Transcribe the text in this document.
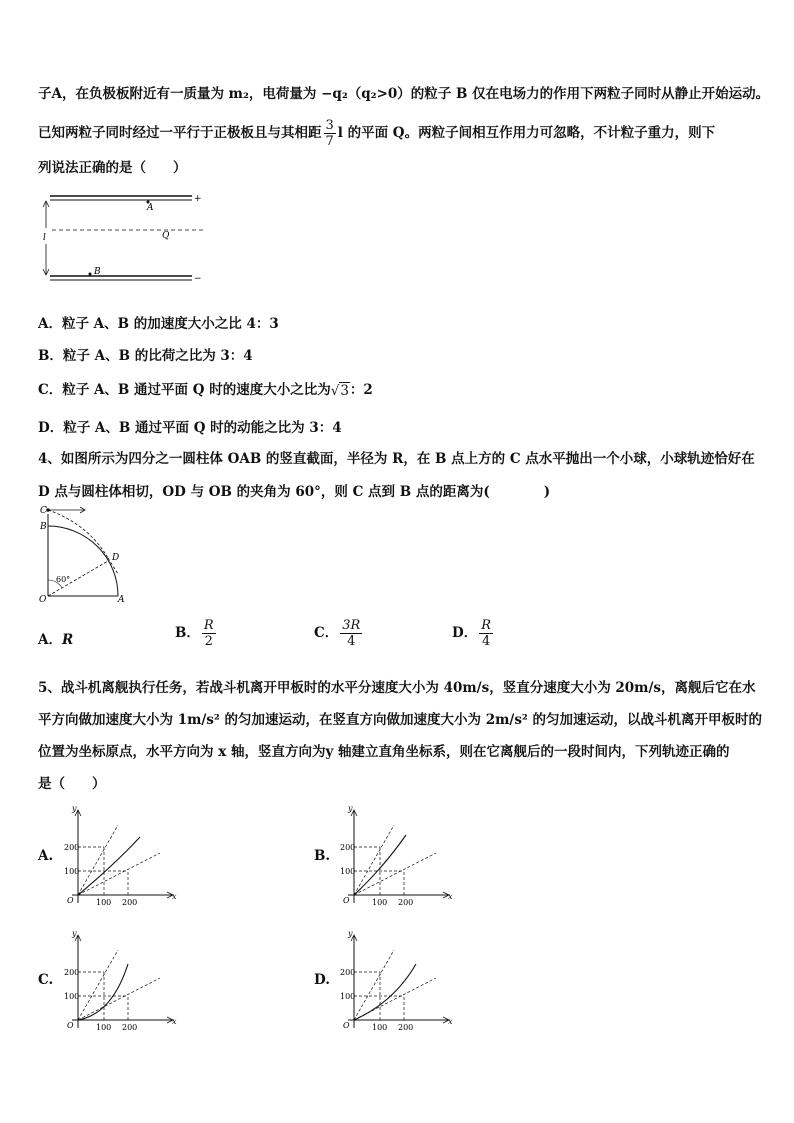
子A，在负极板附近有一质量为 m₂，电荷量为 −q₂（q₂>0）的粒子 B 仅在电场力的作用下两粒子同时从静止开始运动。
已知两粒子同时经过一平行于正极板且与其相距 $\frac{3}{7}$ l 的平面 Q。两粒子间相互作用力可忽略，不计粒子重力，则下
列说法正确的是（　　）
A
Q
B
l
+
−
A．粒子 A、B 的加速度大小之比 4：3
B．粒子 A、B 的比荷之比为 3：4
C．粒子 A、B 通过平面 Q 时的速度大小之比为√3：2
D．粒子 A、B 通过平面 Q 时的动能之比为 3：4
4、如图所示为四分之一圆柱体 OAB 的竖直截面，半径为 R，在 B 点上方的 C 点水平抛出一个小球，小球轨迹恰好在
D 点与圆柱体相切，OD 与 OB 的夹角为 60°，则 C 点到 B 点的距离为(　　　　)
C
B
D
O	A
60°
A．R	B． $\frac{R}{2}$	C． $\frac{3R}{4}$	D． $\frac{R}{4}$
5、战斗机离舰执行任务，若战斗机离开甲板时的水平分速度大小为 40m/s，竖直分速度大小为 20m/s，离舰后它在水
平方向做加速度大小为 1m/s² 的匀加速运动，在竖直方向做加速度大小为 2m/s² 的匀加速运动，以战斗机离开甲板时的
位置为坐标原点，水平方向为 x 轴，竖直方向为y 轴建立直角坐标系，则在它离舰后的一段时间内，下列轨迹正确的
是（　　）
A.	B.
C.	D.
y
x
O
200
100
100 200
y
x
O
200
100
100 200
y
x
O
200
100
100 200
y
x
O
200
100
100 200
